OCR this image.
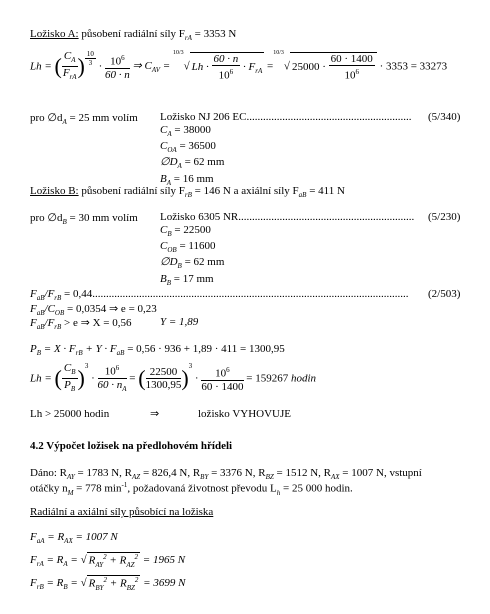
Ložisko A: působení radiální síly $F_{rA} = 3353$ N
Lh = ( $\frac{C_A}{F_{rA}}$ ) $\frac{10}{3} \cdot \frac{10^6}{60 \cdot n}$ ⇒ $C_{AV} = ^{10/3}√$ $Lh \cdot \frac{60 \cdot n}{10^6} \cdot F_{rA} =^{10/3}√$ $25000 \cdot \frac{60 \cdot 1400}{10^6} \cdot 3353 = 33273$
pro $\emptyset d_A = 25$ mm volím Ložisko NJ 206 EC............................................................	(5/340)
$C_A = 38000$
$C_{OA} = 36500$
$\emptyset D_A = 62$ mm
$B_A = 16$ mm
Ložisko B: působení radiální síly $F_{rB} = 146$ N a axiální síly $F_{aB} = 411$ N
pro $\emptyset d_B = 30$ mm volím Ložisko 6305 NR................................................................	(5/230)
$C_B = 22500$
$C_{OB} = 11600$
$\emptyset D_B = 62$ mm
$B_B = 17$ mm
$F_{aB}/F_{rB} = 0,44$...................................................................................................................	(2/503)
$F_{aB}/C_{OB} = 0,0354$ ⇒ e = 0,23
$F_{aB}/F_{rB} > e$ ⇒ X = 0,56	Y = 1,89
$P_B = X \cdot F_{rB} + Y \cdot F_{aB} = 0,56 \cdot 936 + 1,89 \cdot 411 = 1300,95$
Lh = ( $\frac{C_B}{P_B} )^3 \cdot \frac{10^6}{60 \cdot n_A}$ = ( $\frac{22500}{1300,95} )^3 \cdot \frac{10^6}{60 \cdot 1400} = 159267$ hodin
Lh > 25000 hodin	⇒	ložisko VYHOVUJE
4.2 Výpočet ložisek na předlohovém hřídeli
Dáno: $R_{AY} = 1783$ N, $R_{AZ} = 826,4$ N, $R_{BY} = 3376$ N, $R_{BZ} = 1512$ N, $R_{AX} = 1007$ N, vstupní
otáčky $n_M = 778$ $\min^{-1}$, požadovaná životnost převodu $L_h = 25$ 000 hodin.
Radiální a axiální síly působící na ložiska
$F_{aA} = R_{AX} = 1007$ N
$F_{rA} = R_A$ = √ $R_{AY}^2 + R_{AZ}^2 = 1965$ N
$F_{rB} = R_B$ = √ $R_{BY}^2 + R_{BZ}^2 = 3699$ N
